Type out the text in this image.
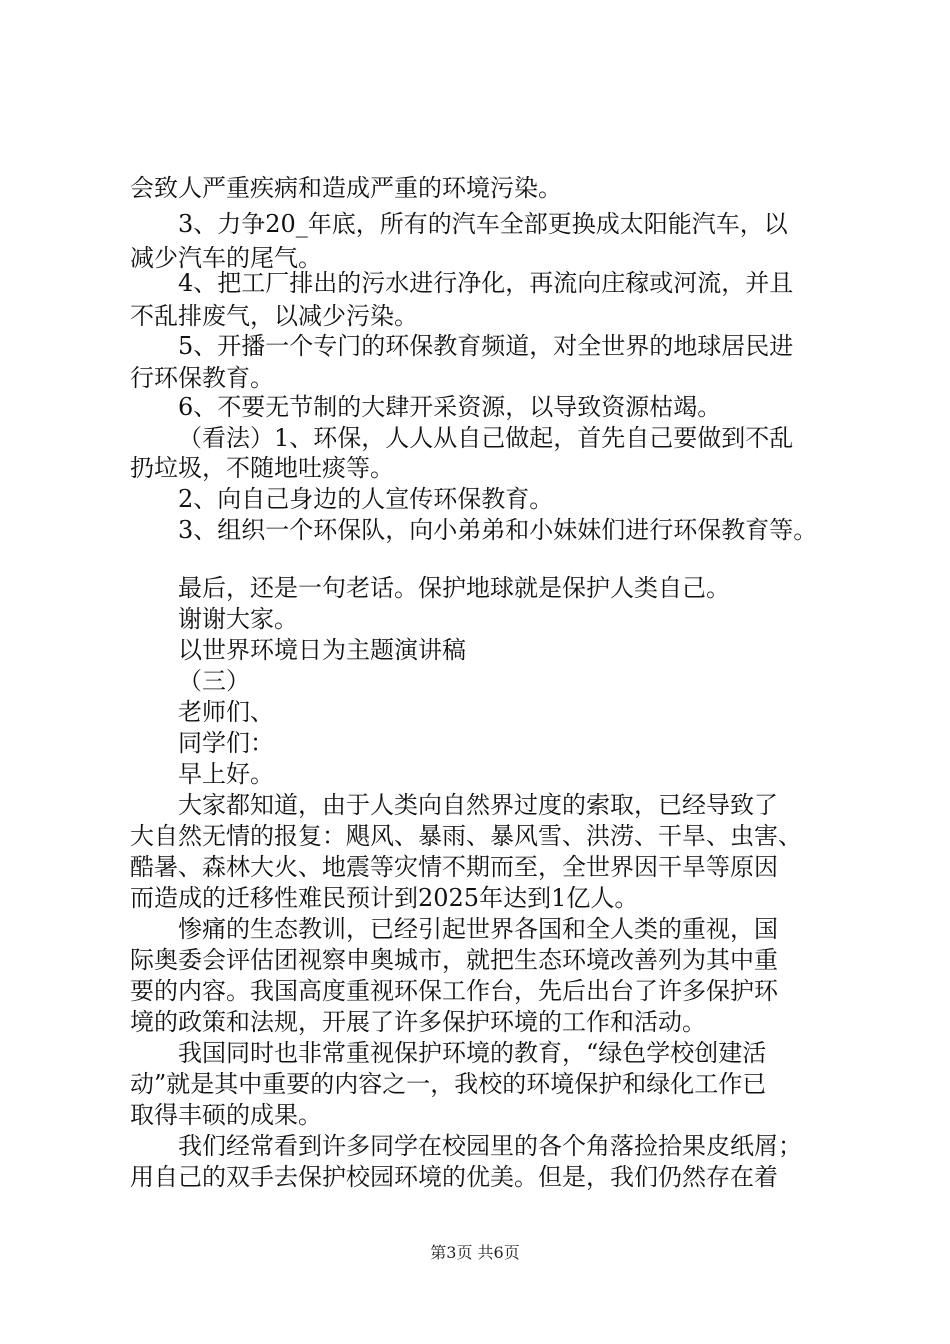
会致人严重疾病和造成严重的环境污染。
3、力争20_年底，所有的汽车全部更换成太阳能汽车，以
减少汽车的尾气。
4、把工厂排出的污水进行净化，再流向庄稼或河流，并且
不乱排废气，以减少污染。
5、开播一个专门的环保教育频道，对全世界的地球居民进
行环保教育。
6、不要无节制的大肆开采资源，以导致资源枯竭。
（看法）1、环保，人人从自己做起，首先自己要做到不乱
扔垃圾，不随地吐痰等。
2、向自己身边的人宣传环保教育。
3、组织一个环保队，向小弟弟和小妹妹们进行环保教育等。
最后，还是一句老话。保护地球就是保护人类自己。
谢谢大家。
以世界环境日为主题演讲稿
（三）
老师们、
同学们：
早上好。
大家都知道，由于人类向自然界过度的索取，已经导致了
大自然无情的报复：飓风、暴雨、暴风雪、洪涝、干旱、虫害、
酷暑、森林大火、地震等灾情不期而至，全世界因干旱等原因
而造成的迁移性难民预计到2025年达到1亿人。
惨痛的生态教训，已经引起世界各国和全人类的重视，国
际奥委会评估团视察申奥城市，就把生态环境改善列为其中重
要的内容。我国高度重视环保工作台，先后出台了许多保护环
境的政策和法规，开展了许多保护环境的工作和活动。
我国同时也非常重视保护环境的教育，“绿色学校创建活
动”就是其中重要的内容之一，我校的环境保护和绿化工作已
取得丰硕的成果。
我们经常看到许多同学在校园里的各个角落捡拾果皮纸屑；
用自己的双手去保护校园环境的优美。但是，我们仍然存在着
第3页 共6页
